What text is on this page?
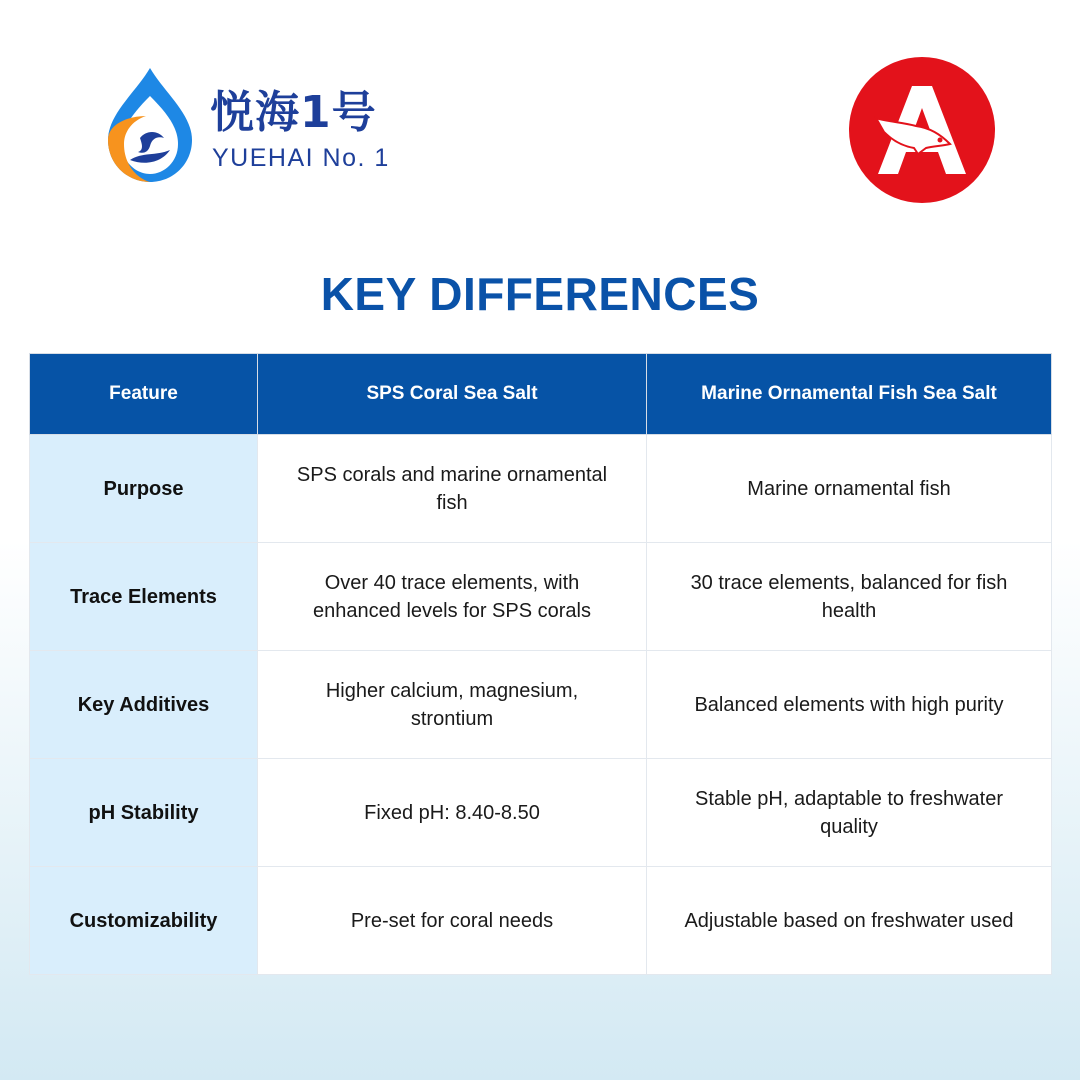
悦海1号
YUEHAI No. 1
KEY DIFFERENCES
Feature	SPS Coral Sea Salt	Marine Ornamental Fish Sea Salt
Purpose	SPS corals and marine ornamental fish	Marine ornamental fish
Trace Elements	Over 40 trace elements, with enhanced levels for SPS corals	30 trace elements, balanced for fish health
Key Additives	Higher calcium, magnesium, strontium	Balanced elements with high purity
pH Stability	Fixed pH: 8.40-8.50	Stable pH, adaptable to freshwater quality
Customizability	Pre-set for coral needs	Adjustable based on freshwater used
